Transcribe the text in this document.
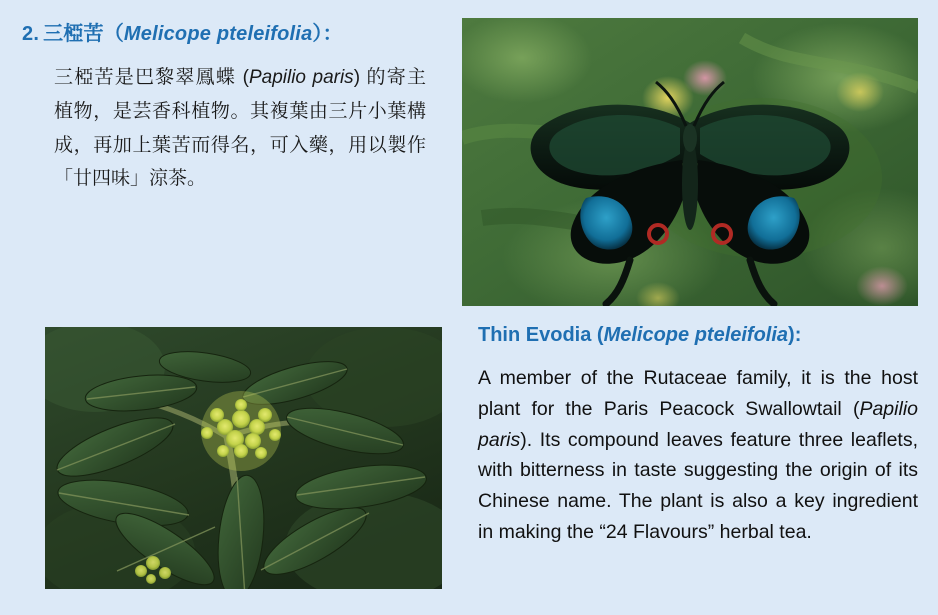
2. 三椏苦（Melicope pteleifolia）：
三椏苦是巴黎翠鳳蝶 (Papilio paris) 的寄主植物，是芸香科植物。其複葉由三片小葉構成，再加上葉苦而得名，可入藥，用以製作「廿四味」涼茶。
Thin Evodia (Melicope pteleifolia):
A member of the Rutaceae family, it is the host plant for the Paris Peacock Swallowtail (Papilio paris). Its compound leaves feature three leaflets, with bitterness in taste suggesting the origin of its Chinese name. The plant is also a key ingredient in making the “24 Flavours” herbal tea.
